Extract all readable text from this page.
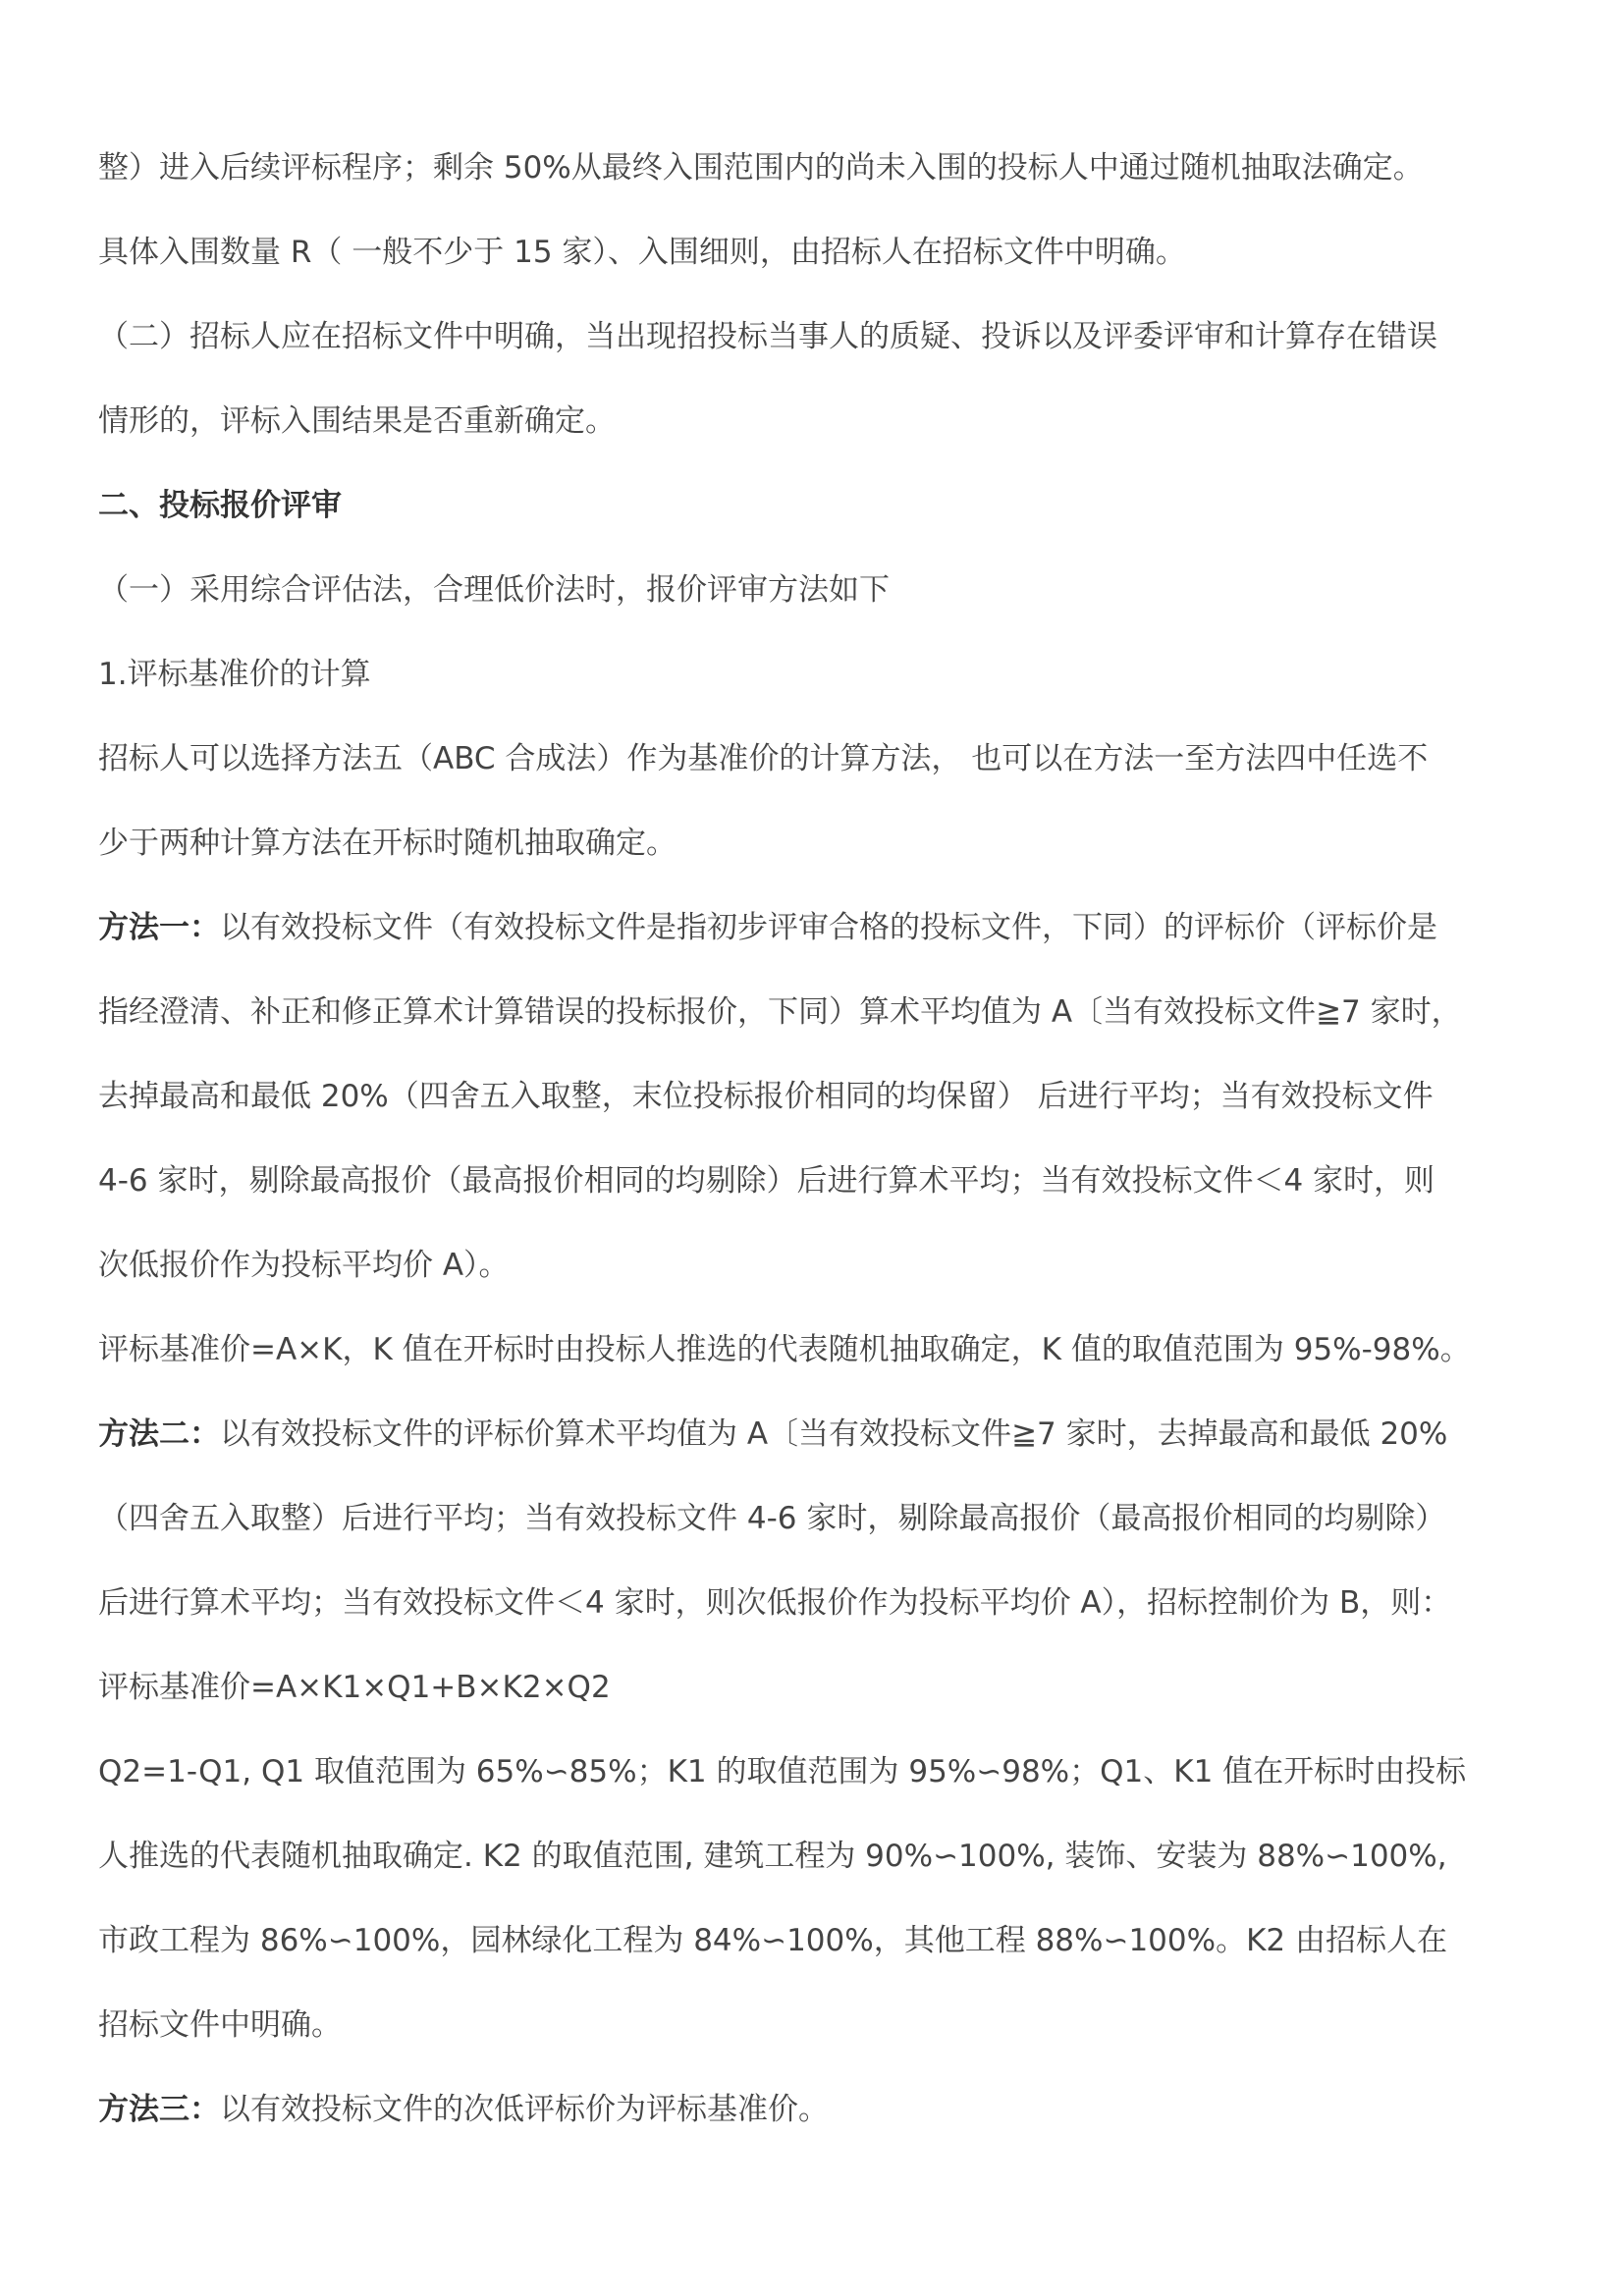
整）进入后续评标程序；剩余 50%从最终入围范围内的尚未入围的投标人中通过随机抽取法确定。
具体入围数量 R（ 一般不少于 15 家）、入围细则，由招标人在招标文件中明确。
（二）招标人应在招标文件中明确，当出现招投标当事人的质疑、投诉以及评委评审和计算存在错误
情形的，评标入围结果是否重新确定。
二、投标报价评审
（一）采用综合评估法，合理低价法时，报价评审方法如下
1.评标基准价的计算
招标人可以选择方法五（ABC 合成法）作为基准价的计算方法， 也可以在方法一至方法四中任选不
少于两种计算方法在开标时随机抽取确定。
方法一：以有效投标文件（有效投标文件是指初步评审合格的投标文件，下同）的评标价（评标价是
指经澄清、补正和修正算术计算错误的投标报价，下同）算术平均值为 A〔当有效投标文件≧7 家时，
去掉最高和最低 20%（四舍五入取整，末位投标报价相同的均保留） 后进行平均；当有效投标文件
4-6 家时，剔除最高报价（最高报价相同的均剔除）后进行算术平均；当有效投标文件＜4 家时，则
次低报价作为投标平均价 A）。
评标基准价=A×K，K 值在开标时由投标人推选的代表随机抽取确定，K 值的取值范围为 95%-98%。
方法二：以有效投标文件的评标价算术平均值为 A〔当有效投标文件≧7 家时，去掉最高和最低 20%
（四舍五入取整）后进行平均；当有效投标文件 4-6 家时，剔除最高报价（最高报价相同的均剔除）
后进行算术平均；当有效投标文件＜4 家时，则次低报价作为投标平均价 A），招标控制价为 B，则：
评标基准价=A×K1×Q1+B×K2×Q2
Q2=1-Q1, Q1 取值范围为 65%∽85%；K1 的取值范围为 95%∽98%；Q1、K1 值在开标时由投标
人推选的代表随机抽取确定. K2 的取值范围, 建筑工程为 90%∽100%, 装饰、安装为 88%∽100%,
市政工程为 86%∽100%，园林绿化工程为 84%∽100%，其他工程 88%∽100%。K2 由招标人在
招标文件中明确。
方法三：以有效投标文件的次低评标价为评标基准价。
